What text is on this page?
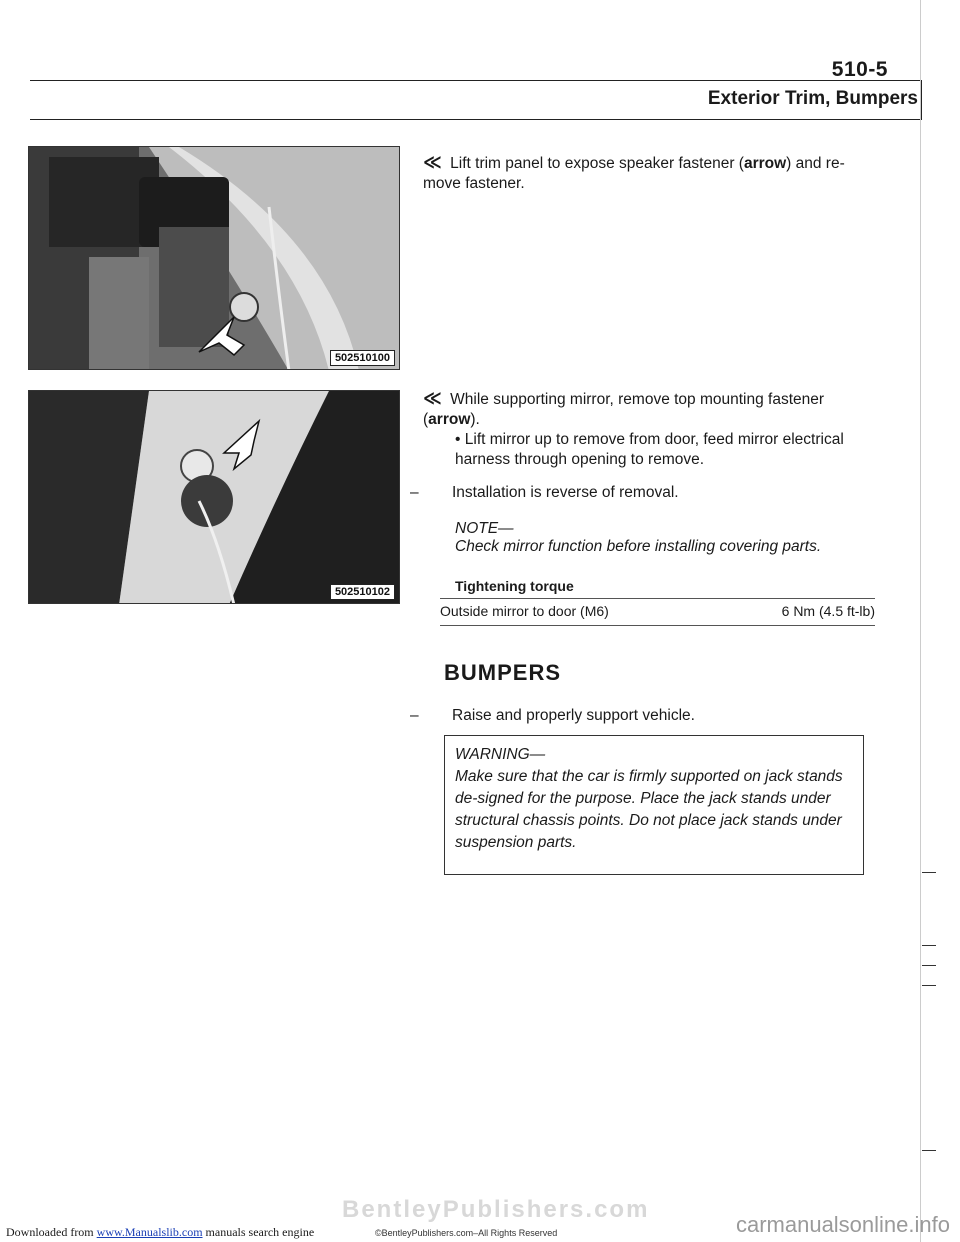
510-5
Exterior Trim, Bumpers
502510100
502510102
≪ Lift trim panel to expose speaker fastener (arrow) and re-move fastener.
≪ While supporting mirror, remove top mounting fastener (arrow).
• Lift mirror up to remove from door, feed mirror electrical harness through opening to remove.
– Installation is reverse of removal.
NOTE—
Check mirror function before installing covering parts.
Tightening torque
Outside mirror to door (M6)	6 Nm (4.5 ft-lb)
BUMPERS
– Raise and properly support vehicle.
WARNING—
Make sure that the car is firmly supported on jack stands de-signed for the purpose. Place the jack stands under structural chassis points. Do not place jack stands under suspension parts.
BentleyPublishers.com
Downloaded from www.Manualslib.com manuals search engine	©BentleyPublishers.com–All Rights Reserved	carmanualsonline.info
